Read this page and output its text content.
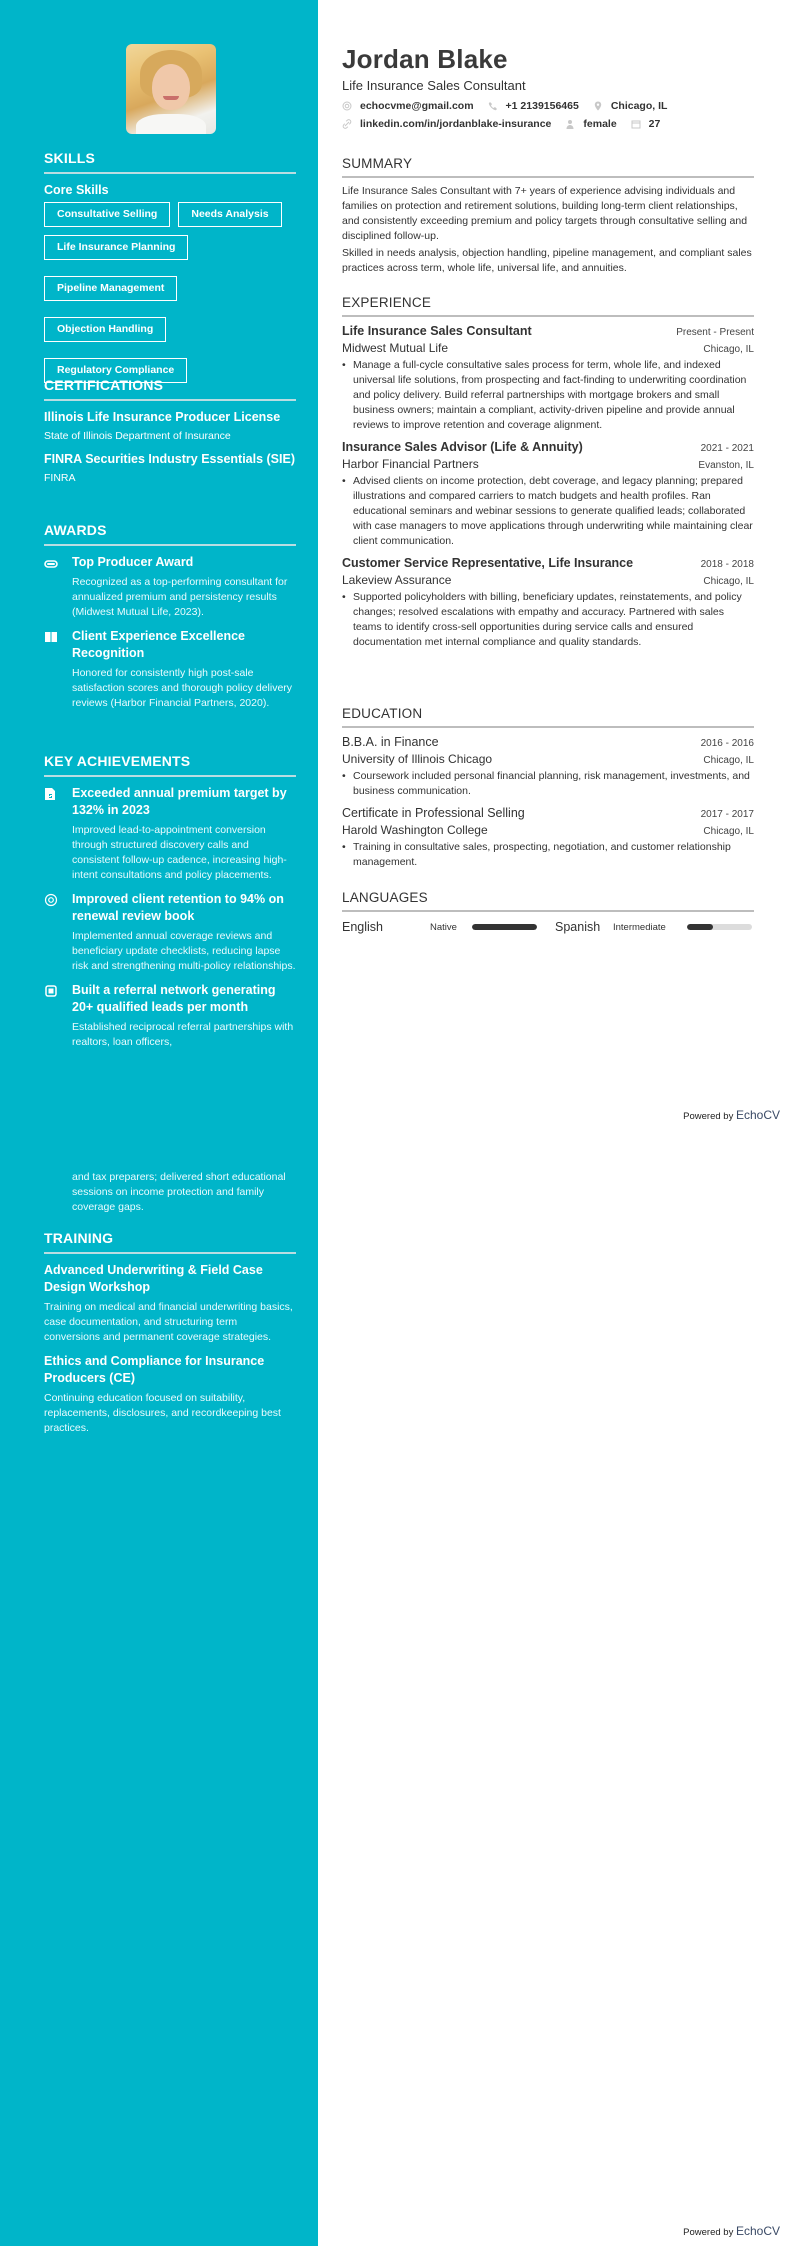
SKILLS
Core Skills
Consultative Selling	Needs Analysis
Life Insurance Planning
Pipeline Management
Objection Handling
Regulatory Compliance
CERTIFICATIONS
Illinois Life Insurance Producer License
State of Illinois Department of Insurance
FINRA Securities Industry Essentials (SIE)
FINRA
AWARDS
Top Producer Award
Recognized as a top-performing consultant for annualized premium and persistency results (Midwest Mutual Life, 2023).
Client Experience Excellence Recognition
Honored for consistently high post-sale satisfaction scores and thorough policy delivery reviews (Harbor Financial Partners, 2020).
KEY ACHIEVEMENTS
Exceeded annual premium target by 132% in 2023
Improved lead-to-appointment conversion through structured discovery calls and consistent follow-up cadence, increasing high-intent consultations and policy placements.
Improved client retention to 94% on renewal review book
Implemented annual coverage reviews and beneficiary update checklists, reducing lapse risk and strengthening multi-policy relationships.
Built a referral network generating 20+ qualified leads per month
Established reciprocal referral partnerships with realtors, loan officers,
and tax preparers; delivered short educational sessions on income protection and family coverage gaps.
TRAINING
Advanced Underwriting & Field Case Design Workshop
Training on medical and financial underwriting basics, case documentation, and structuring term conversions and permanent coverage strategies.
Ethics and Compliance for Insurance Producers (CE)
Continuing education focused on suitability, replacements, disclosures, and recordkeeping best practices.
Jordan Blake
Life Insurance Sales Consultant
echocvme@gmail.com	+1 2139156465	Chicago, IL
linkedin.com/in/jordanblake-insurance	female	27
SUMMARY

Life Insurance Sales Consultant with 7+ years of experience advising individuals and families on protection and retirement solutions, building long-term client relationships, and consistently exceeding premium and policy targets through consultative selling and disciplined follow-up.

Skilled in needs analysis, objection handling, pipeline management, and compliant sales practices across term, whole life, universal life, and annuities.

EXPERIENCE
Life Insurance Sales Consultant	Present - Present
Midwest Mutual Life	Chicago, IL
• Manage a full-cycle consultative sales process for term, whole life, and indexed universal life solutions, from prospecting and fact-finding to underwriting coordination and policy delivery. Build referral partnerships with mortgage brokers and small business owners; maintain a compliant, activity-driven pipeline and provide annual reviews to improve retention and coverage alignment.
Insurance Sales Advisor (Life & Annuity)	2021 - 2021
Harbor Financial Partners	Evanston, IL
• Advised clients on income protection, debt coverage, and legacy planning; prepared illustrations and compared carriers to match budgets and health profiles. Ran educational seminars and webinar sessions to generate qualified leads; collaborated with case managers to move applications through underwriting while maintaining clear client communication.
Customer Service Representative, Life Insurance	2018 - 2018
Lakeview Assurance	Chicago, IL
• Supported policyholders with billing, beneficiary updates, reinstatements, and policy changes; resolved escalations with empathy and accuracy. Partnered with sales teams to identify cross-sell opportunities during service calls and ensured documentation met internal compliance and quality standards.
EDUCATION
B.B.A. in Finance	2016 - 2016
University of Illinois Chicago	Chicago, IL
• Coursework included personal financial planning, risk management, investments, and business communication.
Certificate in Professional Selling	2017 - 2017
Harold Washington College	Chicago, IL
• Training in consultative sales, prospecting, negotiation, and customer relationship management.
LANGUAGES
English	Native	Spanish	Intermediate
Powered by EchoCV
Powered by EchoCV
